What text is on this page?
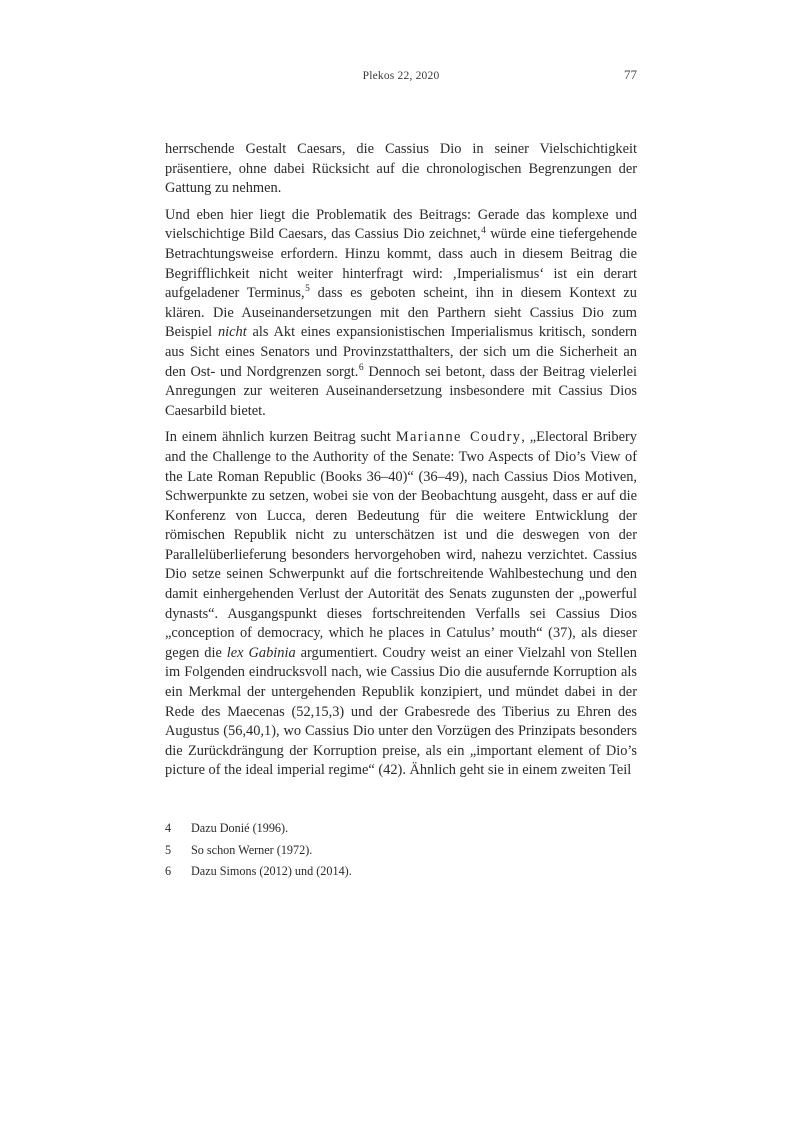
Plekos 22, 2020	77

herrschende Gestalt Caesars, die Cassius Dio in seiner Vielschichtigkeit präsentiere, ohne dabei Rücksicht auf die chronologischen Begrenzungen der Gattung zu nehmen.

Und eben hier liegt die Problematik des Beitrags: Gerade das komplexe und vielschichtige Bild Caesars, das Cassius Dio zeichnet,$^4$ würde eine tiefergehende Betrachtungsweise erfordern. Hinzu kommt, dass auch in diesem Beitrag die Begrifflichkeit nicht weiter hinterfragt wird: ‚Imperialismus‘ ist ein derart aufgeladener Terminus,$^5$ dass es geboten scheint, ihn in diesem Kontext zu klären. Die Auseinandersetzungen mit den Parthern sieht Cassius Dio zum Beispiel nicht als Akt eines expansionistischen Imperialismus kritisch, sondern aus Sicht eines Senators und Provinzstatthalters, der sich um die Sicherheit an den Ost- und Nordgrenzen sorgt.$^6$ Dennoch sei betont, dass der Beitrag vielerlei Anregungen zur weiteren Auseinandersetzung insbesondere mit Cassius Dios Caesarbild bietet.

In einem ähnlich kurzen Beitrag sucht Marianne Coudry, „Electoral Bribery and the Challenge to the Authority of the Senate: Two Aspects of Dio’s View of the Late Roman Republic (Books 36–40)“ (36–49), nach Cassius Dios Motiven, Schwerpunkte zu setzen, wobei sie von der Beobachtung ausgeht, dass er auf die Konferenz von Lucca, deren Bedeutung für die weitere Entwicklung der römischen Republik nicht zu unterschätzen ist und die deswegen von der Parallelüberlieferung besonders hervorgehoben wird, nahezu verzichtet. Cassius Dio setze seinen Schwerpunkt auf die fortschreitende Wahlbestechung und den damit einhergehenden Verlust der Autorität des Senats zugunsten der „powerful dynasts“. Ausgangspunkt dieses fortschreitenden Verfalls sei Cassius Dios „conception of democracy, which he places in Catulus’ mouth“ (37), als dieser gegen die lex Gabinia argumentiert. Coudry weist an einer Vielzahl von Stellen im Folgenden eindrucksvoll nach, wie Cassius Dio die ausufernde Korruption als ein Merkmal der untergehenden Republik konzipiert, und mündet dabei in der Rede des Maecenas (52,15,3) und der Grabesrede des Tiberius zu Ehren des Augustus (56,40,1), wo Cassius Dio unter den Vorzügen des Prinzipats besonders die Zurückdrängung der Korruption preise, als ein „important element of Dio’s picture of the ideal imperial regime“ (42). Ähnlich geht sie in einem zweiten Teil

4	Dazu Donié (1996).
5	So schon Werner (1972).
6	Dazu Simons (2012) und (2014).
